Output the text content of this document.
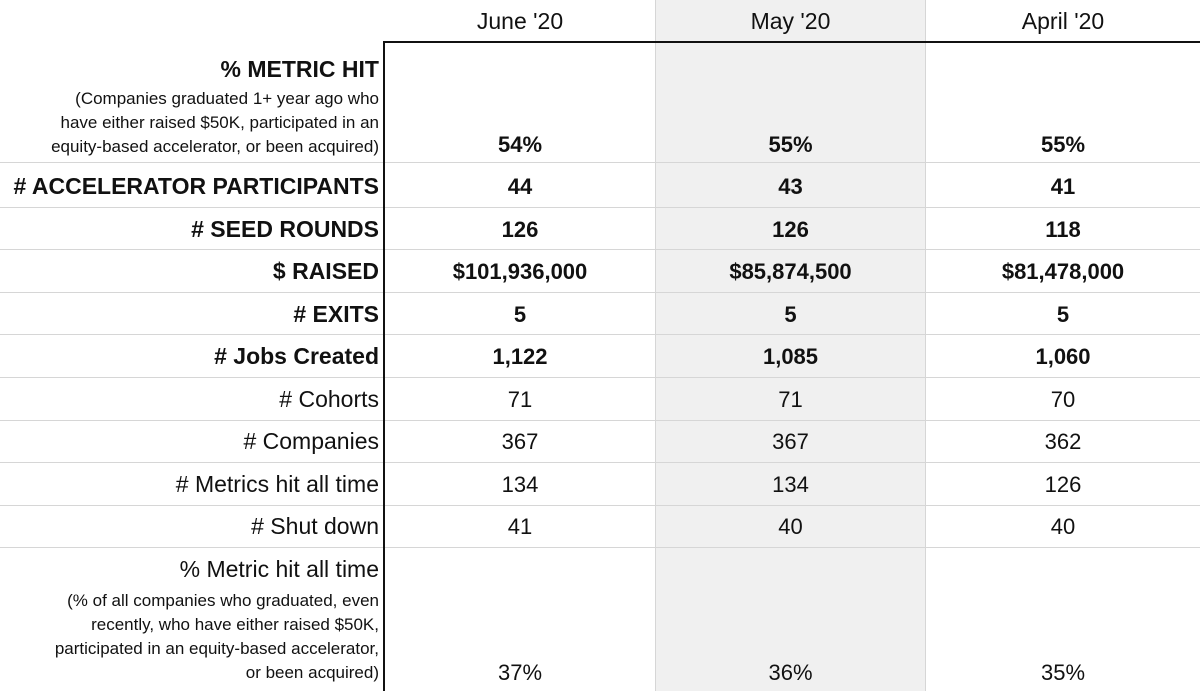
June '20	May '20	April '20
% METRIC HIT
(Companies graduated 1+ year ago who
have either raised $50K, participated in an
equity-based accelerator, or been acquired)	54%	55%	55%
# ACCELERATOR PARTICIPANTS	44	43	41
# SEED ROUNDS	126	126	118
$ RAISED	$101,936,000	$85,874,500	$81,478,000
# EXITS	5	5	5
# Jobs Created	1,122	1,085	1,060
# Cohorts	71	71	70
# Companies	367	367	362
# Metrics hit all time	134	134	126
# Shut down	41	40	40
% Metric hit all time
(% of all companies who graduated, even
recently, who have either raised $50K,
participated in an equity-based accelerator,
or been acquired)	37%	36%	35%
